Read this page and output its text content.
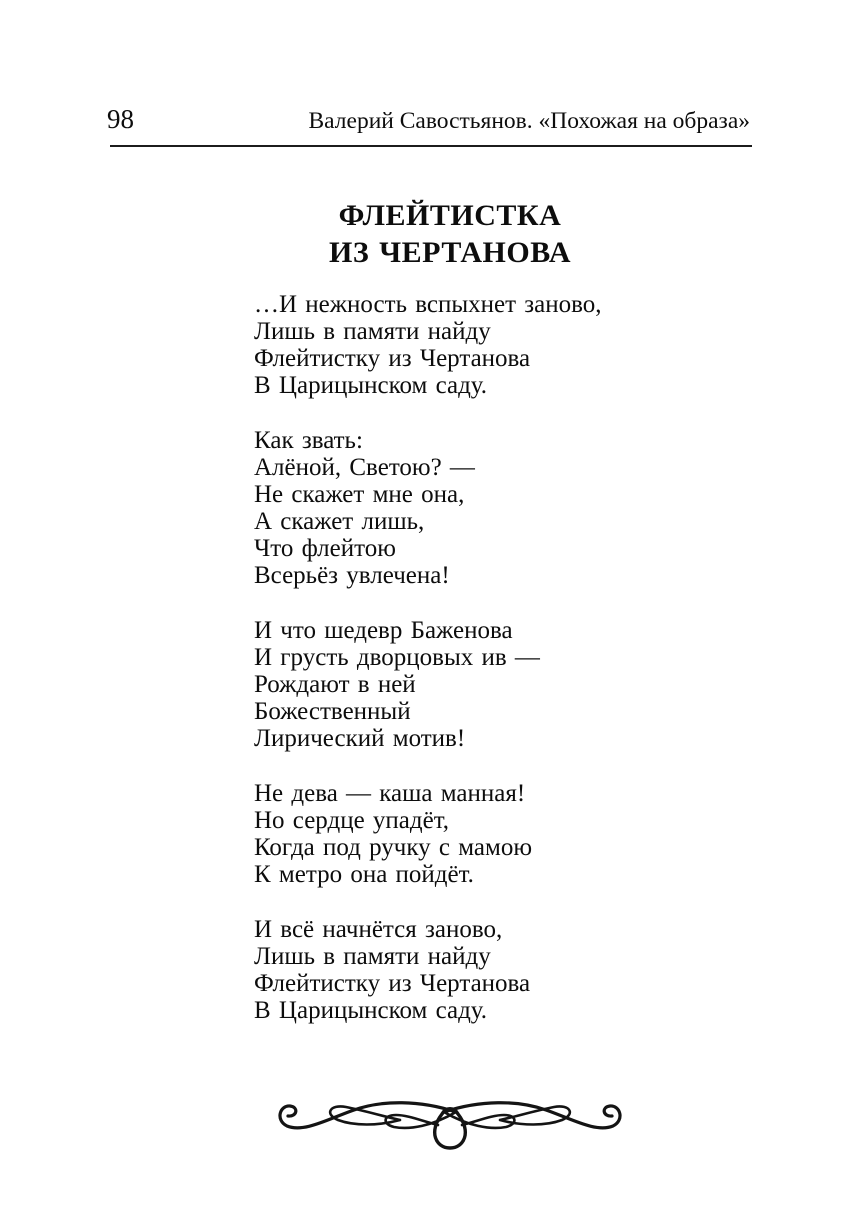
98	Валерий Савостьянов. «Похожая на образа»
ФЛЕЙТИСТКА
ИЗ ЧЕРТАНОВА
…И нежность вспыхнет заново,
Лишь в памяти найду
Флейтистку из Чертанова
В Царицынском саду.
Как звать:
Алёной, Светою? —
Не скажет мне она,
А скажет лишь,
Что флейтою
Всерьёз увлечена!
И что шедевр Баженова
И грусть дворцовых ив —
Рождают в ней
Божественный
Лирический мотив!
Не дева — каша манная!
Но сердце упадёт,
Когда под ручку с мамою
К метро она пойдёт.
И всё начнётся заново,
Лишь в памяти найду
Флейтистку из Чертанова
В Царицынском саду.
